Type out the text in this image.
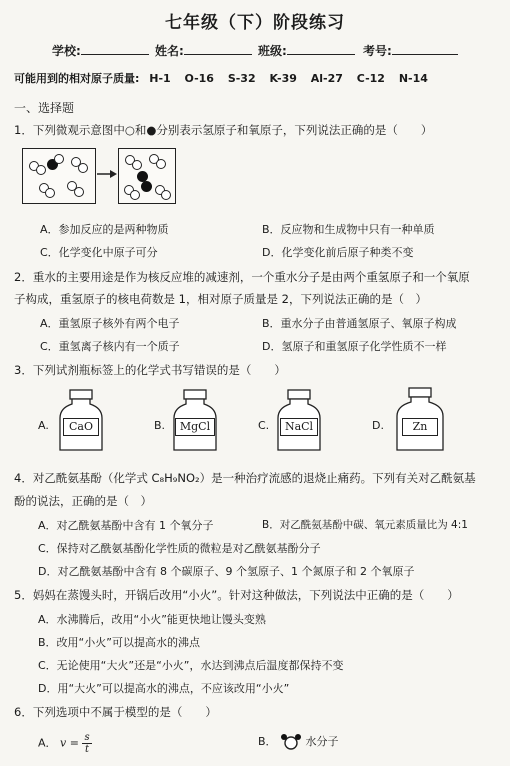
七年级（下）阶段练习
学校:	姓名:	班级:	考号:
可能用到的相对原子质量: H-1 O-16 S-32 K-39 Al-27 C-12 N-14
一、选择题
1．下列微观示意图中○和●分别表示氢原子和氧原子，下列说法正确的是（　　）
A．参加反应的是两种物质	B．反应物和生成物中只有一种单质
C．化学变化中原子可分	D．化学变化前后原子种类不变
2．重水的主要用途是作为核反应堆的减速剂，一个重水分子是由两个重氢原子和一个氧原
子构成，重氢原子的核电荷数是 1，相对原子质量是 2，下列说法正确的是（　）
A．重氢原子核外有两个电子	B．重水分子由普通氢原子、氧原子构成
C．重氢离子核内有一个质子	D．氢原子和重氢原子化学性质不一样
3．下列试剂瓶标签上的化学式书写错误的是（　　）
A.	CaO	B.	MgCl	C.	NaCl	D.	Zn
4．对乙酰氨基酚（化学式 C₈H₉NO₂）是一种治疗流感的退烧止痛药。下列有关对乙酰氨基
酚的说法，正确的是（　）
A．对乙酰氨基酚中含有 1 个氧分子	B．对乙酰氨基酚中碳、氧元素质量比为 4:1
C．保持对乙酰氨基酚化学性质的微粒是对乙酰氨基酚分子
D．对乙酰氨基酚中含有 8 个碳原子、9 个氢原子、1 个氮原子和 2 个氧原子
5．妈妈在蒸馒头时，开锅后改用“小火”。针对这种做法，下列说法中正确的是（　　）
A．水沸腾后，改用“小火”能更快地让馒头变熟
B．改用“小火”可以提高水的沸点
C．无论使用“大火”还是“小火”，水达到沸点后温度都保持不变
D．用“大火”可以提高水的沸点，不应该改用“小火”
6．下列选项中不属于模型的是（　　）
A． $v = \frac{s}{t}$	B．	水分子
